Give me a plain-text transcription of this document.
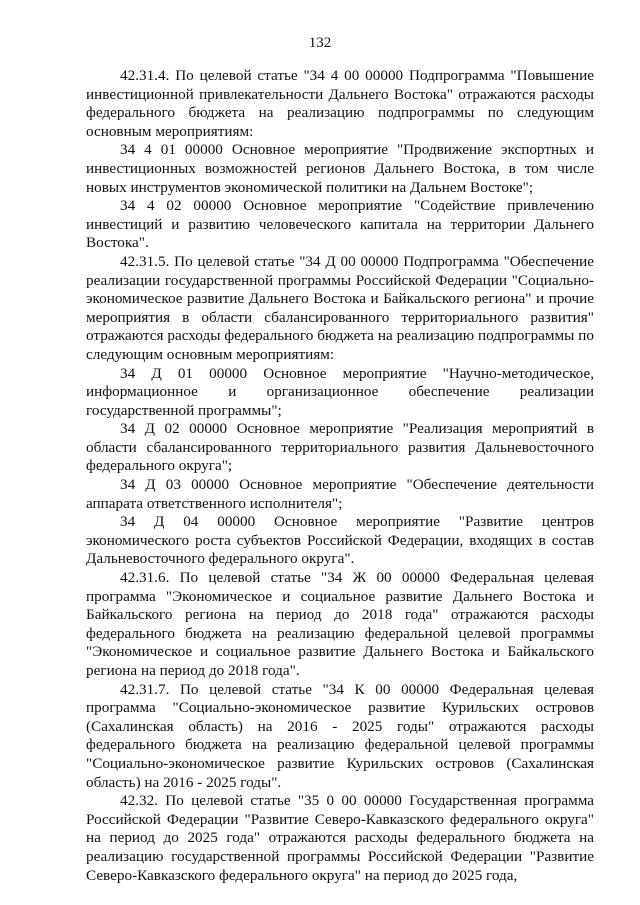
132

42.31.4. По целевой статье "34 4 00 00000 Подпрограмма "Повышение инвестиционной привлекательности Дальнего Востока" отражаются расходы федерального бюджета на реализацию подпрограммы по следующим основным мероприятиям:

34 4 01 00000 Основное мероприятие "Продвижение экспортных и инвестиционных возможностей регионов Дальнего Востока, в том числе новых инструментов экономической политики на Дальнем Востоке";

34 4 02 00000 Основное мероприятие "Содействие привлечению инвестиций и развитию человеческого капитала на территории Дальнего Востока".

42.31.5. По целевой статье "34 Д 00 00000 Подпрограмма "Обеспечение реализации государственной программы Российской Федерации "Социально-экономическое развитие Дальнего Востока и Байкальского региона" и прочие мероприятия в области сбалансированного территориального развития" отражаются расходы федерального бюджета на реализацию подпрограммы по следующим основным мероприятиям:

34 Д 01 00000 Основное мероприятие "Научно-методическое, информационное и организационное обеспечение реализации государственной программы";

34 Д 02 00000 Основное мероприятие "Реализация мероприятий в области сбалансированного территориального развития Дальневосточного федерального округа";

34 Д 03 00000 Основное мероприятие "Обеспечение деятельности аппарата ответственного исполнителя";

34 Д 04 00000 Основное мероприятие "Развитие центров экономического роста субъектов Российской Федерации, входящих в состав Дальневосточного федерального округа".

42.31.6. По целевой статье "34 Ж 00 00000 Федеральная целевая программа "Экономическое и социальное развитие Дальнего Востока и Байкальского региона на период до 2018 года" отражаются расходы федерального бюджета на реализацию федеральной целевой программы "Экономическое и социальное развитие Дальнего Востока и Байкальского региона на период до 2018 года".

42.31.7. По целевой статье "34 К 00 00000 Федеральная целевая программа "Социально-экономическое развитие Курильских островов (Сахалинская область) на 2016 - 2025 годы" отражаются расходы федерального бюджета на реализацию федеральной целевой программы "Социально-экономическое развитие Курильских островов (Сахалинская область) на 2016 - 2025 годы".

42.32. По целевой статье "35 0 00 00000 Государственная программа Российской Федерации "Развитие Северо-Кавказского федерального округа" на период до 2025 года" отражаются расходы федерального бюджета на реализацию государственной программы Российской Федерации "Развитие Северо-Кавказского федерального округа" на период до 2025 года,
